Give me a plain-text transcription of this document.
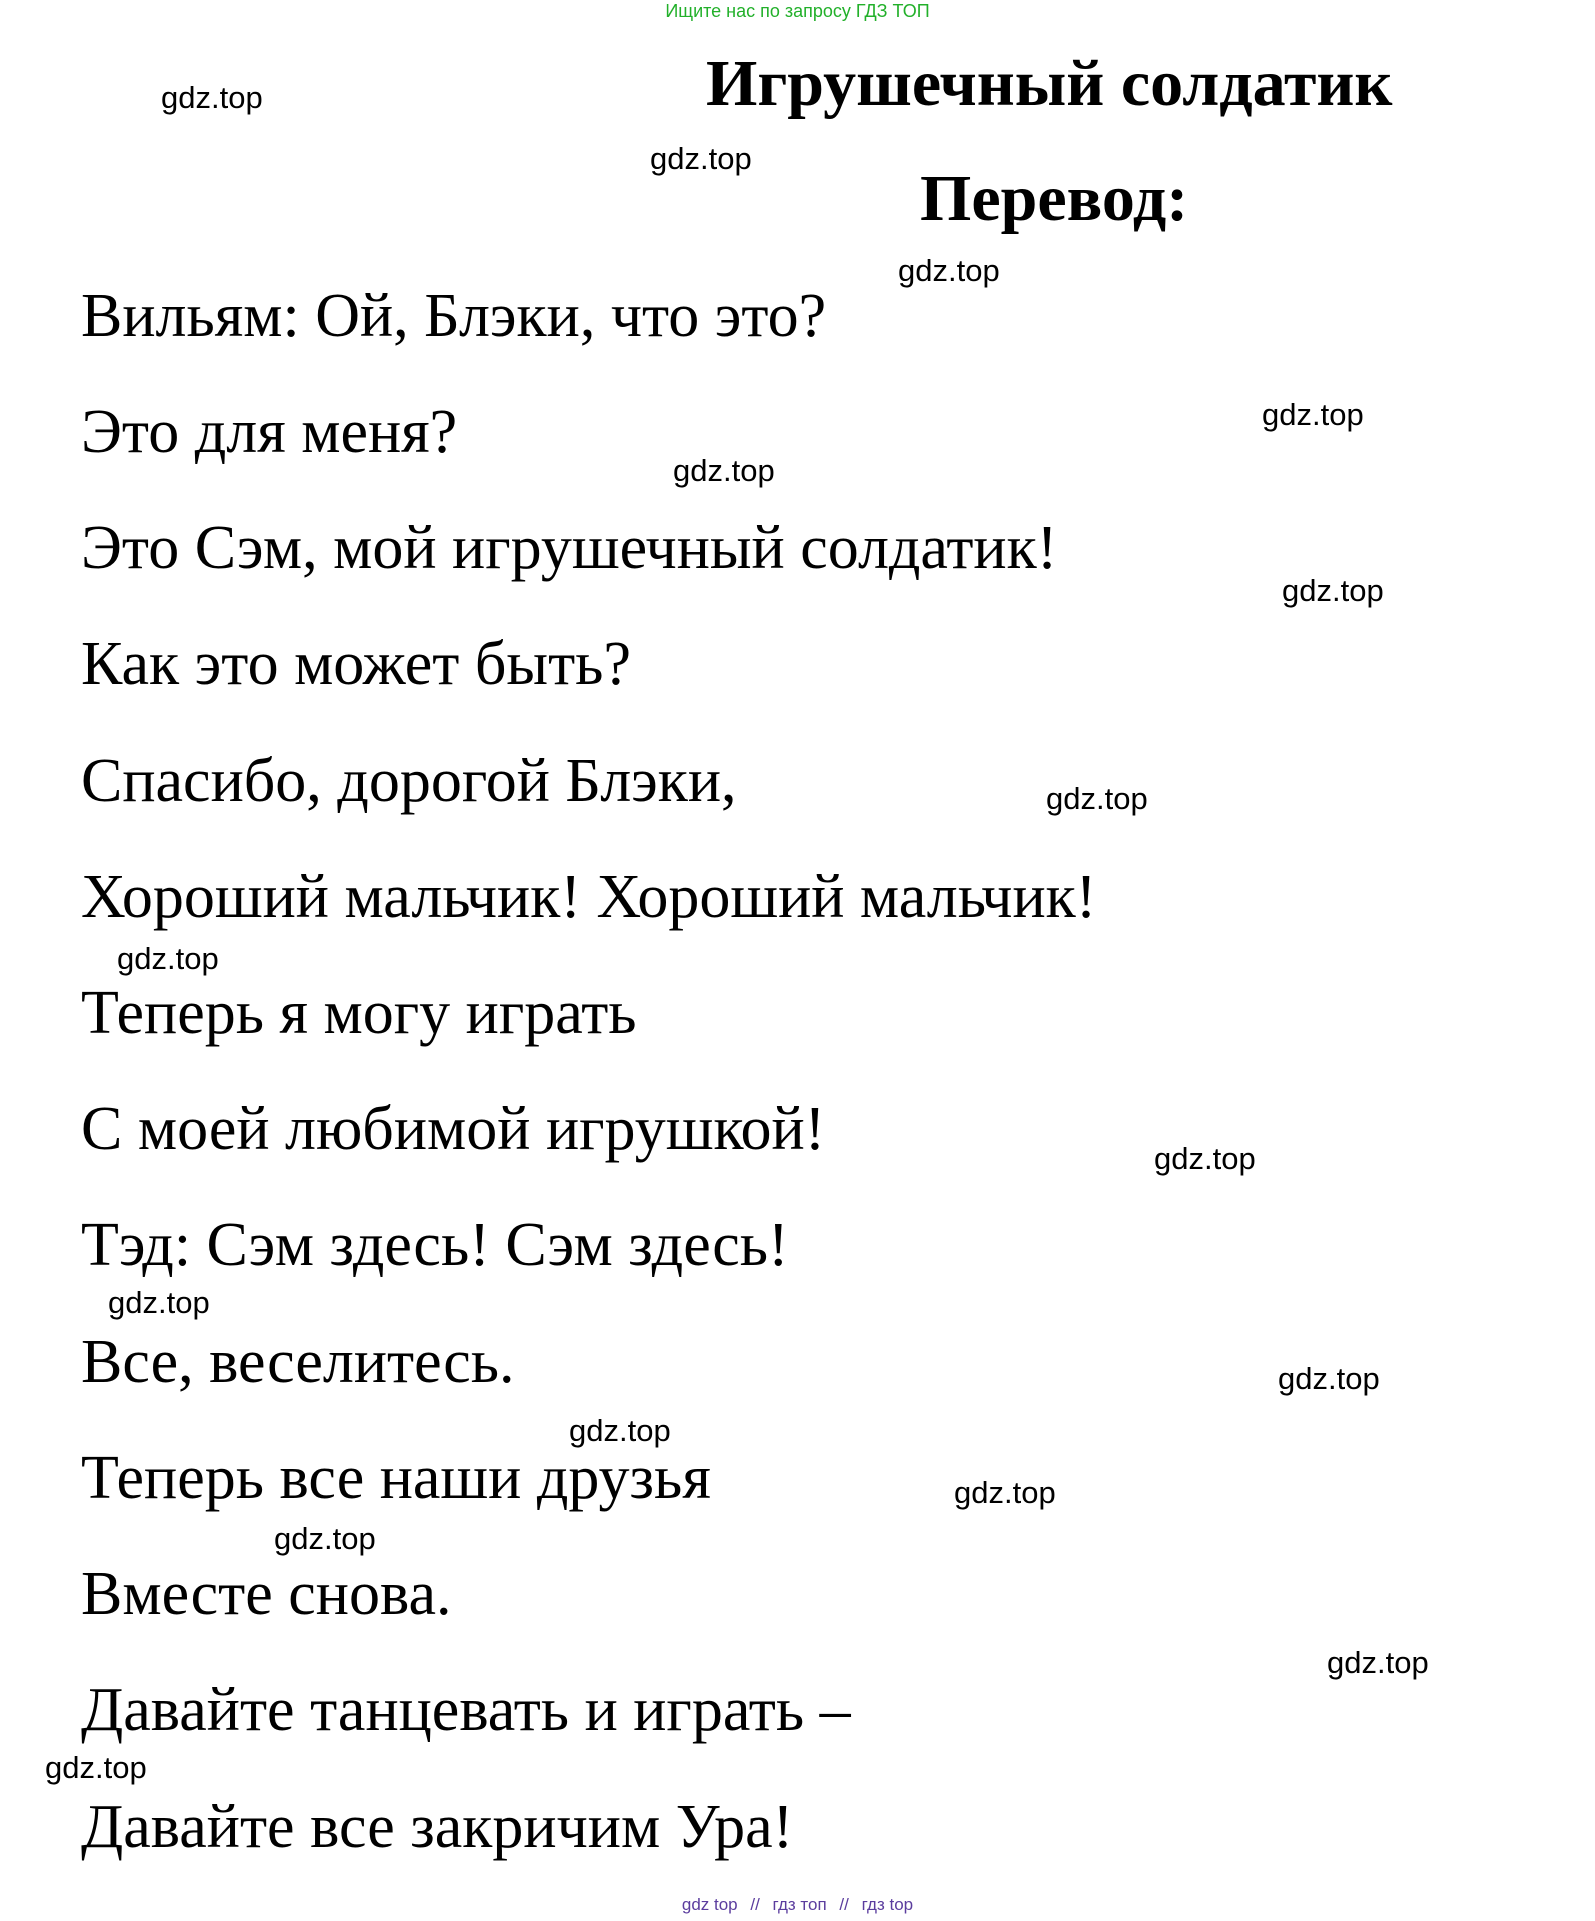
Ищите нас по запросу ГДЗ ТОП
Игрушечный солдатик
Перевод:
Вильям: Ой, Блэки, что это?
Это для меня?
Это Сэм, мой игрушечный солдатик!
Как это может быть?
Спасибо, дорогой Блэки,
Хороший мальчик! Хороший мальчик!
Теперь я могу играть
С моей любимой игрушкой!
Тэд: Сэм здесь! Сэм здесь!
Все, веселитесь.
Теперь все наши друзья
Вместе снова.
Давайте танцевать и играть –
Давайте все закричим Ура!
gdz.top
gdz.top
gdz.top
gdz.top
gdz.top
gdz.top
gdz.top
gdz.top
gdz.top
gdz.top
gdz.top
gdz.top
gdz.top
gdz.top
gdz.top
gdz.top
gdz top // гдз топ // гдз top
